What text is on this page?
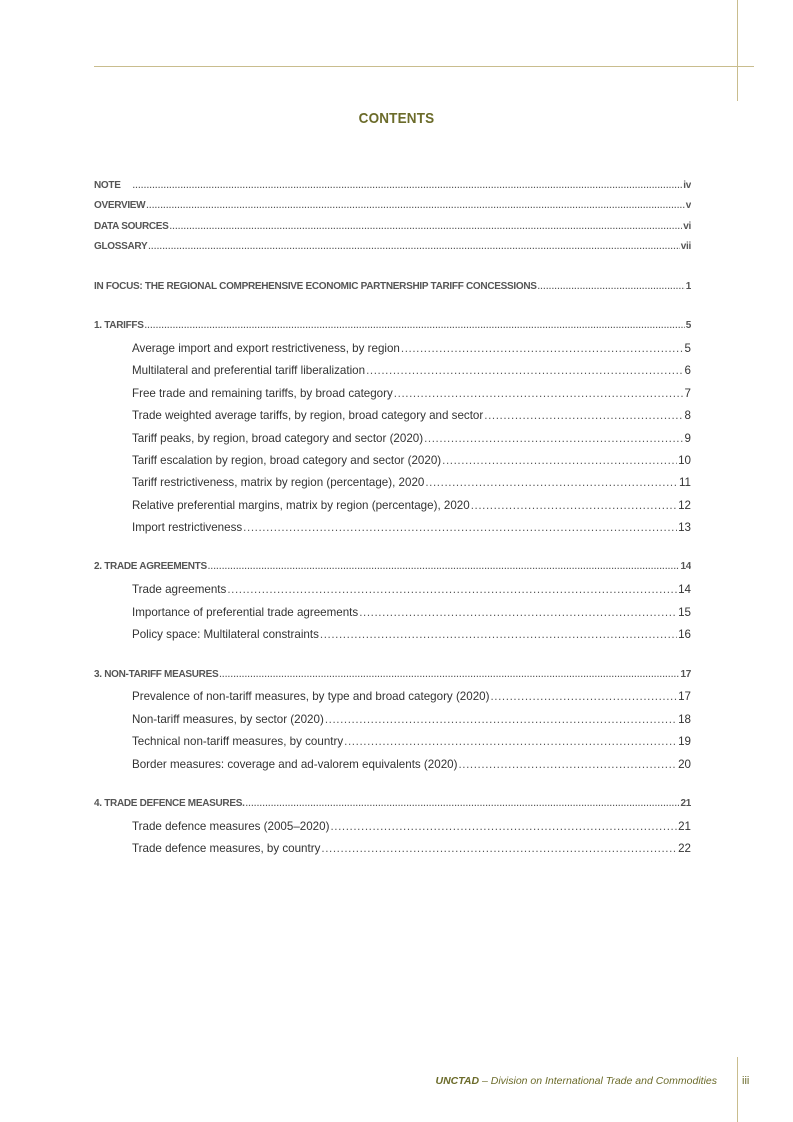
CONTENTS
NOTE .....	iv
OVERVIEW .....	v
DATA SOURCES .....	vi
GLOSSARY .....	vii
IN FOCUS: THE REGIONAL COMPREHENSIVE ECONOMIC PARTNERSHIP TARIFF CONCESSIONS .....	1
1. TARIFFS .....	5
Average import and export restrictiveness, by region .....	5
Multilateral and preferential tariff liberalization .....	6
Free trade and remaining tariffs, by broad category .....	7
Trade weighted average tariffs, by region, broad category and sector .....	8
Tariff peaks, by region, broad category and sector (2020) .....	9
Tariff escalation by region, broad category and sector (2020) .....	10
Tariff restrictiveness, matrix by region (percentage), 2020 .....	11
Relative preferential margins, matrix by region (percentage), 2020 .....	12
Import restrictiveness .....	13
2. TRADE AGREEMENTS .....	14
Trade agreements .....	14
Importance of preferential trade agreements .....	15
Policy space: Multilateral constraints .....	16
3. NON-TARIFF MEASURES .....	17
Prevalence of non-tariff measures, by type and broad category (2020) .....	17
Non-tariff measures, by sector (2020) .....	18
Technical non-tariff measures, by country .....	19
Border measures: coverage and ad-valorem equivalents (2020) .....	20
4. TRADE DEFENCE MEASURES. .....	21
Trade defence measures (2005–2020) .....	21
Trade defence measures, by country .....	22
UNCTAD – Division on International Trade and Commodities iii
